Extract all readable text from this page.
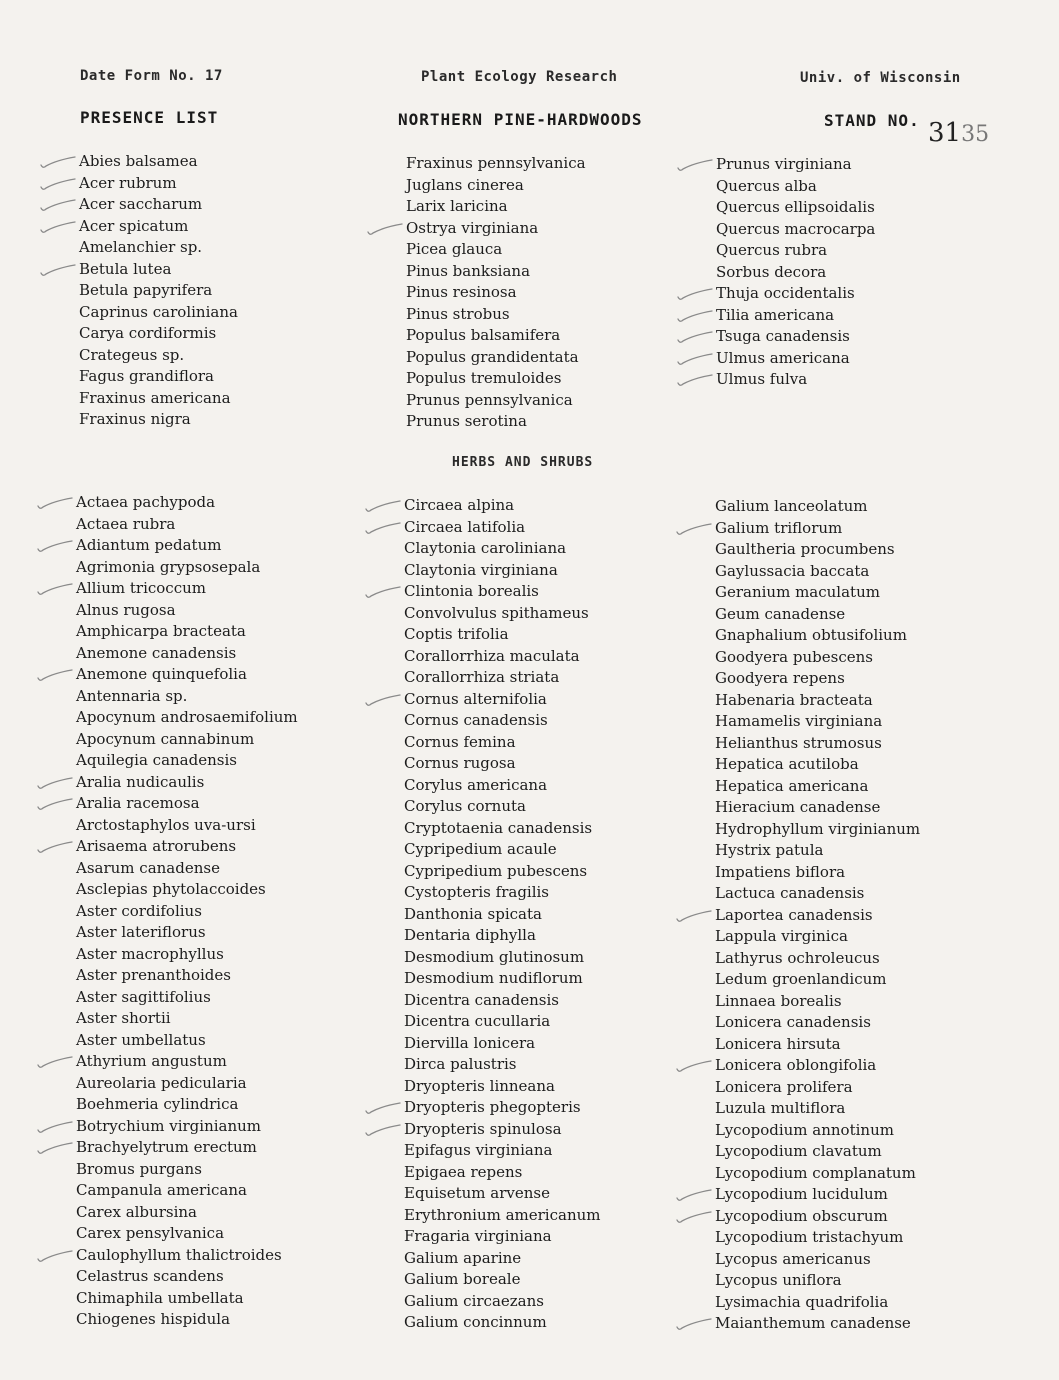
Date Form No. 17	Plant Ecology Research	Univ. of Wisconsin
PRESENCE LIST	NORTHERN PINE-HARDWOODS	STAND NO. 3135
Abies balsamea
Acer rubrum
Acer saccharum
Acer spicatum
Amelanchier sp.
Betula lutea
Betula papyrifera
Caprinus caroliniana
Carya cordiformis
Crategeus sp.
Fagus grandiflora
Fraxinus americana
Fraxinus nigra
Fraxinus pennsylvanica
Juglans cinerea
Larix laricina
Ostrya virginiana
Picea glauca
Pinus banksiana
Pinus resinosa
Pinus strobus
Populus balsamifera
Populus grandidentata
Populus tremuloides
Prunus pennsylvanica
Prunus serotina
Prunus virginiana
Quercus alba
Quercus ellipsoidalis
Quercus macrocarpa
Quercus rubra
Sorbus decora
Thuja occidentalis
Tilia americana
Tsuga canadensis
Ulmus americana
Ulmus fulva
HERBS AND SHRUBS
Actaea pachypoda
Actaea rubra
Adiantum pedatum
Agrimonia grypsosepala
Allium tricoccum
Alnus rugosa
Amphicarpa bracteata
Anemone canadensis
Anemone quinquefolia
Antennaria sp.
Apocynum androsaemifolium
Apocynum cannabinum
Aquilegia canadensis
Aralia nudicaulis
Aralia racemosa
Arctostaphylos uva-ursi
Arisaema atrorubens
Asarum canadense
Asclepias phytolaccoides
Aster cordifolius
Aster lateriflorus
Aster macrophyllus
Aster prenanthoides
Aster sagittifolius
Aster shortii
Aster umbellatus
Athyrium angustum
Aureolaria pedicularia
Boehmeria cylindrica
Botrychium virginianum
Brachyelytrum erectum
Bromus purgans
Campanula americana
Carex albursina
Carex pensylvanica
Caulophyllum thalictroides
Celastrus scandens
Chimaphila umbellata
Chiogenes hispidula
Circaea alpina
Circaea latifolia
Claytonia caroliniana
Claytonia virginiana
Clintonia borealis
Convolvulus spithameus
Coptis trifolia
Corallorrhiza maculata
Corallorrhiza striata
Cornus alternifolia
Cornus canadensis
Cornus femina
Cornus rugosa
Corylus americana
Corylus cornuta
Cryptotaenia canadensis
Cypripedium acaule
Cypripedium pubescens
Cystopteris fragilis
Danthonia spicata
Dentaria diphylla
Desmodium glutinosum
Desmodium nudiflorum
Dicentra canadensis
Dicentra cucullaria
Diervilla lonicera
Dirca palustris
Dryopteris linneana
Dryopteris phegopteris
Dryopteris spinulosa
Epifagus virginiana
Epigaea repens
Equisetum arvense
Erythronium americanum
Fragaria virginiana
Galium aparine
Galium boreale
Galium circaezans
Galium concinnum
Galium lanceolatum
Galium triflorum
Gaultheria procumbens
Gaylussacia baccata
Geranium maculatum
Geum canadense
Gnaphalium obtusifolium
Goodyera pubescens
Goodyera repens
Habenaria bracteata
Hamamelis virginiana
Helianthus strumosus
Hepatica acutiloba
Hepatica americana
Hieracium canadense
Hydrophyllum virginianum
Hystrix patula
Impatiens biflora
Lactuca canadensis
Laportea canadensis
Lappula virginica
Lathyrus ochroleucus
Ledum groenlandicum
Linnaea borealis
Lonicera canadensis
Lonicera hirsuta
Lonicera oblongifolia
Lonicera prolifera
Luzula multiflora
Lycopodium annotinum
Lycopodium clavatum
Lycopodium complanatum
Lycopodium lucidulum
Lycopodium obscurum
Lycopodium tristachyum
Lycopus americanus
Lycopus uniflora
Lysimachia quadrifolia
Maianthemum canadense
